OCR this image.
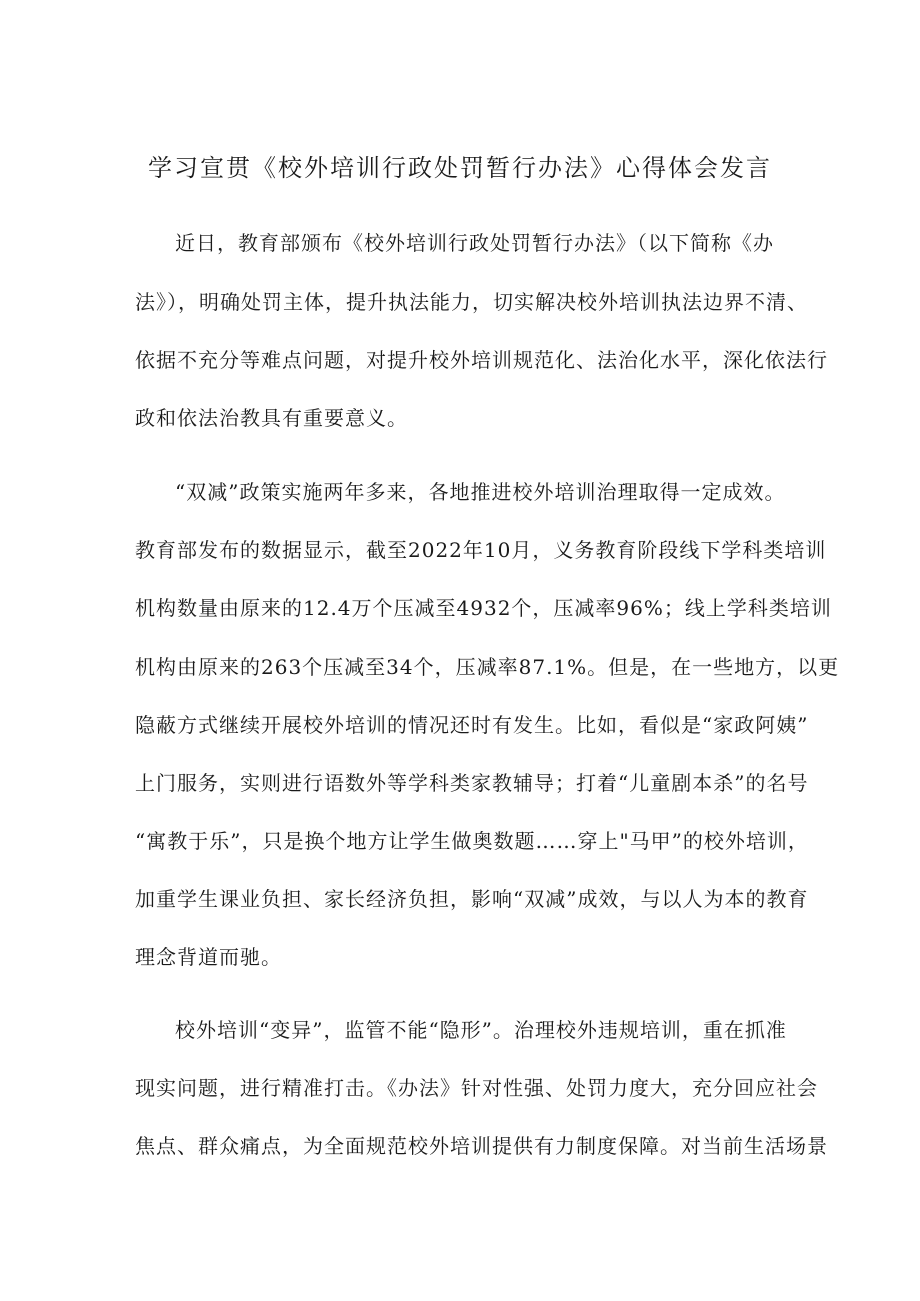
学习宣贯《校外培训行政处罚暂行办法》心得体会发言
近日，教育部颁布《校外培训行政处罚暂行办法》（以下简称《办
法》），明确处罚主体，提升执法能力，切实解决校外培训执法边界不清、
依据不充分等难点问题，对提升校外培训规范化、法治化水平，深化依法行
政和依法治教具有重要意义。
“双减”政策实施两年多来，各地推进校外培训治理取得一定成效。
教育部发布的数据显示，截至2022年10月，义务教育阶段线下学科类培训
机构数量由原来的12.4万个压减至4932个，压减率96%；线上学科类培训
机构由原来的263个压减至34个，压减率87.1%。但是，在一些地方，以更
隐蔽方式继续开展校外培训的情况还时有发生。比如，看似是“家政阿姨”
上门服务，实则进行语数外等学科类家教辅导；打着“儿童剧本杀”的名号
“寓教于乐”，只是换个地方让学生做奥数题……穿上"马甲”的校外培训，
加重学生课业负担、家长经济负担，影响“双减”成效，与以人为本的教育
理念背道而驰。
校外培训“变异”，监管不能“隐形”。治理校外违规培训，重在抓准
现实问题，进行精准打击。《办法》针对性强、处罚力度大，充分回应社会
焦点、群众痛点，为全面规范校外培训提供有力制度保障。对当前生活场景
